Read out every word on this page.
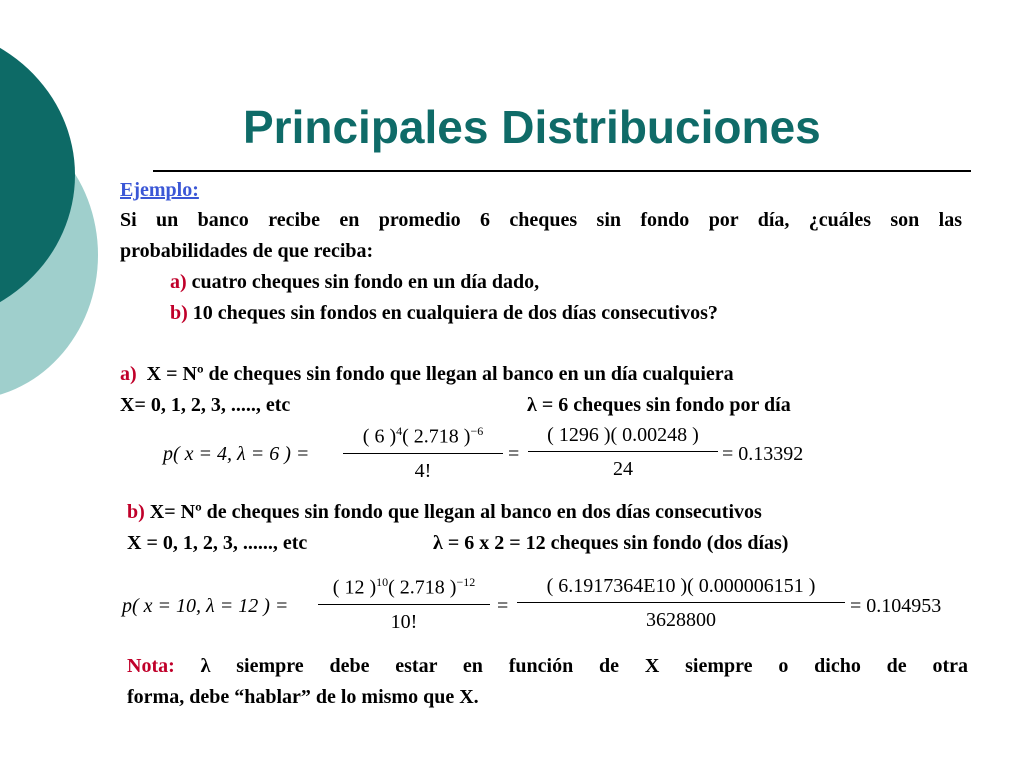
Principales Distribuciones
Ejemplo:
Si un banco recibe en promedio 6 cheques sin fondo por día, ¿cuáles son las
probabilidades de que reciba:
a) cuatro cheques sin fondo en un día dado,
b) 10 cheques sin fondos en cualquiera de dos días consecutivos?
a) X = Nº de cheques sin fondo que llegan al banco en un día cualquiera
X= 0, 1, 2, 3, ....., etc	λ = 6 cheques sin fondo por día
p( x = 4, λ = 6 ) = $\frac{( 6 )^4( 2.718 )^{-6}}{4!} = \frac{( 1296 )( 0.00248 )}{24} = 0.13392$
b) X= Nº de cheques sin fondo que llegan al banco en dos días consecutivos
X = 0, 1, 2, 3, ......, etc	λ = 6 x 2 = 12 cheques sin fondo (dos días)
p( x = 10, λ = 12 ) = $\frac{( 12 )^{10}( 2.718 )^{-12}}{10!} = \frac{( 6.1917364E10 )( 0.000006151 )}{3628800} = 0.104953$
Nota: λ siempre debe estar en función de X siempre o dicho de otra
forma, debe “hablar” de lo mismo que X.
